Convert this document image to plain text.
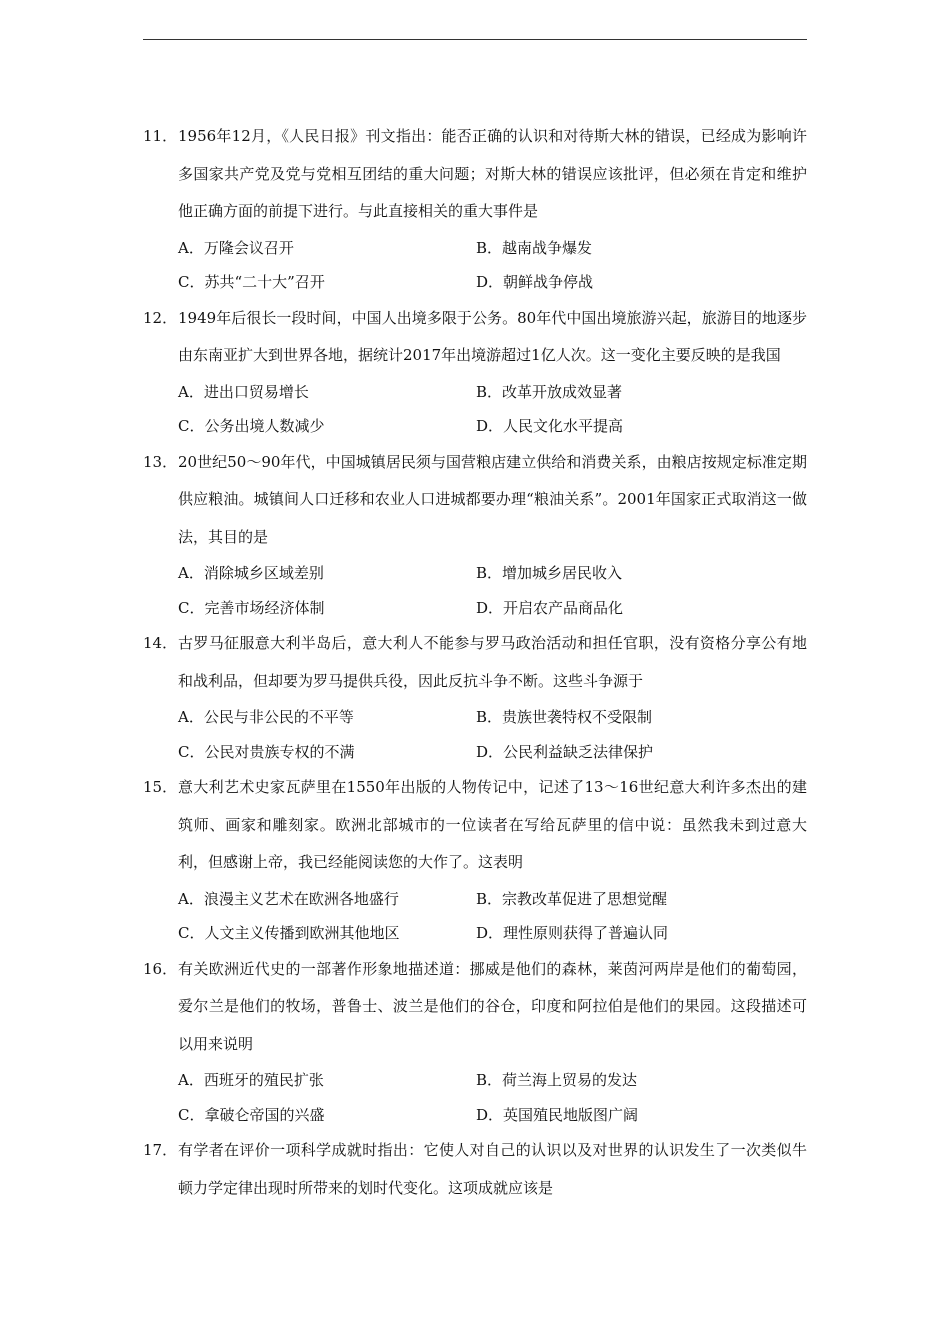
11． 1956年12月，《人民日报》刊文指出：能否正确的认识和对待斯大林的错误，已经成为影响许多国家共产党及党与党相互团结的重大问题；对斯大林的错误应该批评，但必须在肯定和维护他正确方面的前提下进行。与此直接相关的重大事件是
A．万隆会议召开	B．越南战争爆发
C．苏共“二十大”召开	D．朝鲜战争停战
12． 1949年后很长一段时间，中国人出境多限于公务。80年代中国出境旅游兴起，旅游目的地逐步由东南亚扩大到世界各地，据统计2017年出境游超过1亿人次。这一变化主要反映的是我国
A．进出口贸易增长	B．改革开放成效显著
C．公务出境人数减少	D．人民文化水平提高
13． 20世纪50～90年代，中国城镇居民须与国营粮店建立供给和消费关系，由粮店按规定标准定期供应粮油。城镇间人口迁移和农业人口进城都要办理“粮油关系”。2001年国家正式取消这一做法，其目的是
A．消除城乡区域差别	B．增加城乡居民收入
C．完善市场经济体制	D．开启农产品商品化
14． 古罗马征服意大利半岛后，意大利人不能参与罗马政治活动和担任官职，没有资格分享公有地和战利品，但却要为罗马提供兵役，因此反抗斗争不断。这些斗争源于
A．公民与非公民的不平等	B．贵族世袭特权不受限制
C．公民对贵族专权的不满	D．公民利益缺乏法律保护
15． 意大利艺术史家瓦萨里在1550年出版的人物传记中，记述了13～16世纪意大利许多杰出的建筑师、画家和雕刻家。欧洲北部城市的一位读者在写给瓦萨里的信中说：虽然我未到过意大利，但感谢上帝，我已经能阅读您的大作了。这表明
A．浪漫主义艺术在欧洲各地盛行	B．宗教改革促进了思想觉醒
C．人文主义传播到欧洲其他地区	D．理性原则获得了普遍认同
16． 有关欧洲近代史的一部著作形象地描述道：挪威是他们的森林，莱茵河两岸是他们的葡萄园，爱尔兰是他们的牧场，普鲁士、波兰是他们的谷仓，印度和阿拉伯是他们的果园。这段描述可以用来说明
A．西班牙的殖民扩张	B．荷兰海上贸易的发达
C．拿破仑帝国的兴盛	D．英国殖民地版图广阔
17． 有学者在评价一项科学成就时指出：它使人对自己的认识以及对世界的认识发生了一次类似牛顿力学定律出现时所带来的划时代变化。这项成就应该是
